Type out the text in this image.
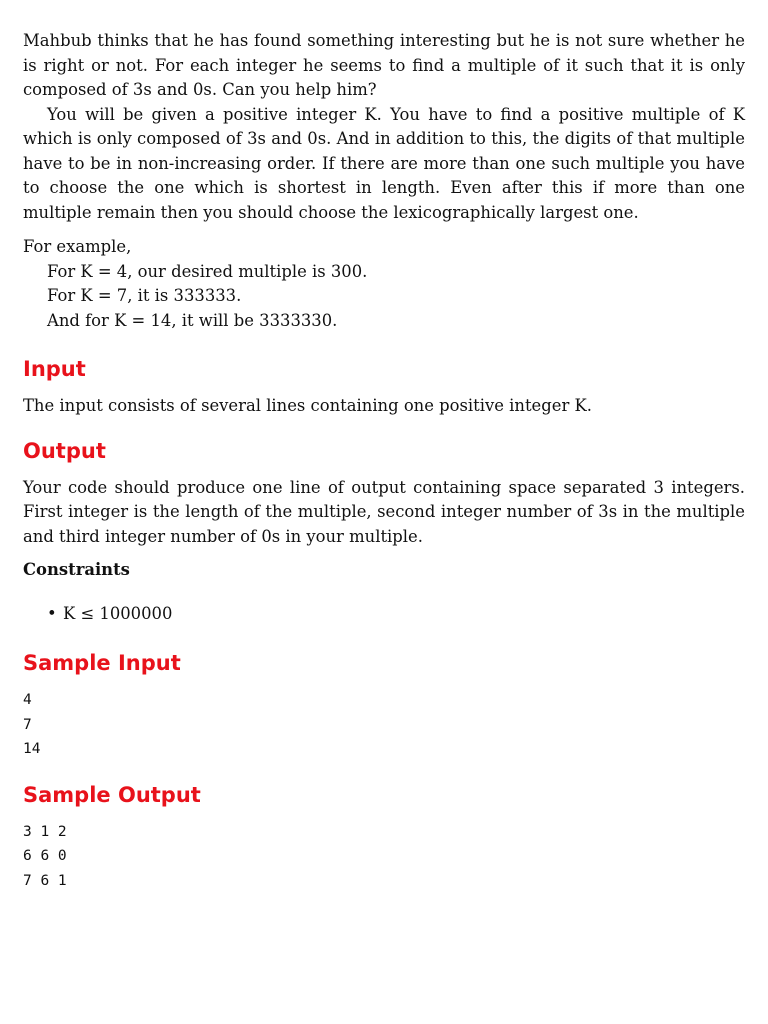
Mahbub thinks that he has found something interesting but he is not sure whether he is right or not. For each integer he seems to find a multiple of it such that it is only composed of 3s and 0s. Can you help him?

You will be given a positive integer K. You have to find a positive multiple of K which is only composed of 3s and 0s. And in addition to this, the digits of that multiple have to be in non-increasing order. If there are more than one such multiple you have to choose the one which is shortest in length. Even after this if more than one multiple remain then you should choose the lexicographically largest one.

For example,

For K = 4, our desired multiple is 300.

For K = 7, it is 333333.

And for K = 14, it will be 3333330.

Input

The input consists of several lines containing one positive integer K.

Output

Your code should produce one line of output containing space separated 3 integers. First integer is the length of the multiple, second integer number of 3s in the multiple and third integer number of 0s in your multiple.

Constraints
• K ≤ 1000000
Sample Input

4

7

14

Sample Output

3 1 2

6 6 0

7 6 1
